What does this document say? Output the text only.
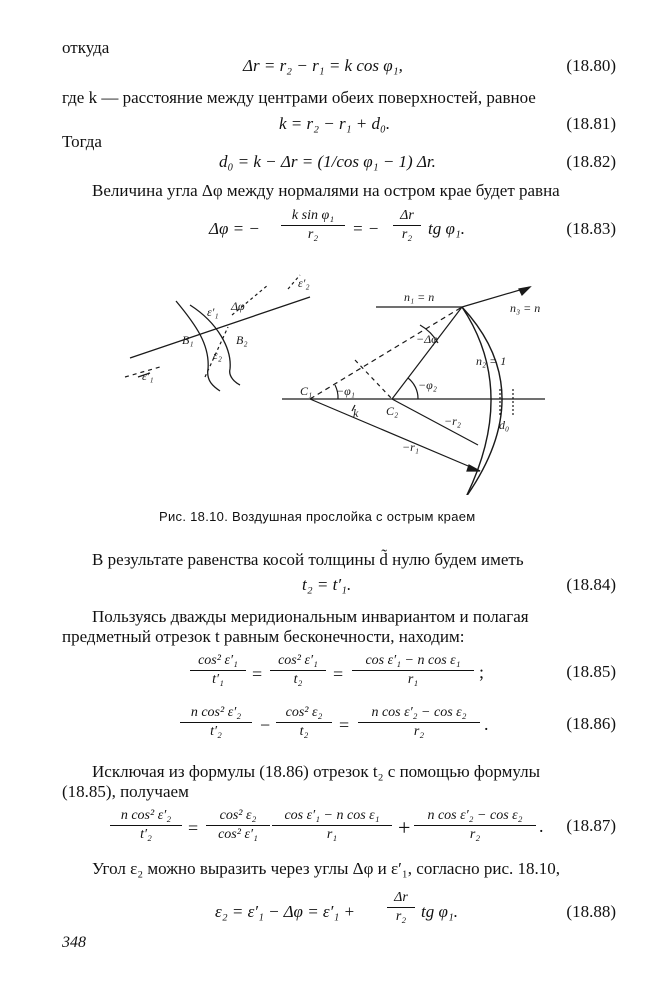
откуда
Δr = r₂ − r₁ = k cos φ₁,	(18.80)
где k — расстояние между центрами обеих поверхностей, равное
k = r₂ − r₁ + d₀.	(18.81)
Тогда
d₀ = k − Δr = (1/cos φ₁ − 1) Δr.	(18.82)
Величина угла Δφ между нормалями на остром крае будет равна
Δφ = − $\frac{\text{k sin φ₁}}{\text{r₂}}$ = − $\frac{\Delta r}{\text{r₂}}$ tg φ₁.	(18.83)
ε′₂
ε′₁ Δφ
B₁	B₂
ε₂
ε′₁
n₁ = n
n₃ = n
−Δφ
n₂ = 1
C₁
C₂
−φ₁	−φ₂
k
−r₂
−r₁
d₀
Рис. 18.10. Воздушная прослойка с острым краем
В результате равенства косой толщины d̃ нулю будем иметь
t₂ = t′₁.	(18.84)
Пользуясь дважды меридиональным инвариантом и полагая
предметный отрезок t равным бесконечности, находим:
$\frac{\text{cos² ε′₁}}{\text{t′₁}} = \frac{\text{cos² ε′₁}}{\text{t₂}} = \frac{\text{cos ε′₁ − n cos ε₁}}{\text{r₁}}$ ;	(18.85)
$\frac{\text{n cos² ε′₂}}{\text{t′₂}} - \frac{\text{cos² ε₂}}{\text{t₂}} = \frac{\text{n cos ε′₂ − cos ε₂}}{\text{r₂}}$ .	(18.86)
Исключая из формулы (18.86) отрезок t₂ с помощью формулы
(18.85), получаем
$\frac{\text{n cos² ε′₂}}{\text{t′₂}} = \frac{\text{cos² ε₂}}{\text{cos² ε′₁}} \frac{\text{cos ε′₁ − n cos ε₁}}{\text{r₁}} + \frac{\text{n cos ε′₂ − cos ε₂}}{\text{r₂}}$ .	(18.87)
Угол ε₂ можно выразить через углы Δφ и ε′₁, согласно рис. 18.10,
$\varepsilon_2 = \varepsilon'_1 - \Delta\varphi = \varepsilon'_1 + \frac{\Delta r}{\text{r₂}}$ tg φ₁.	(18.88)
348
